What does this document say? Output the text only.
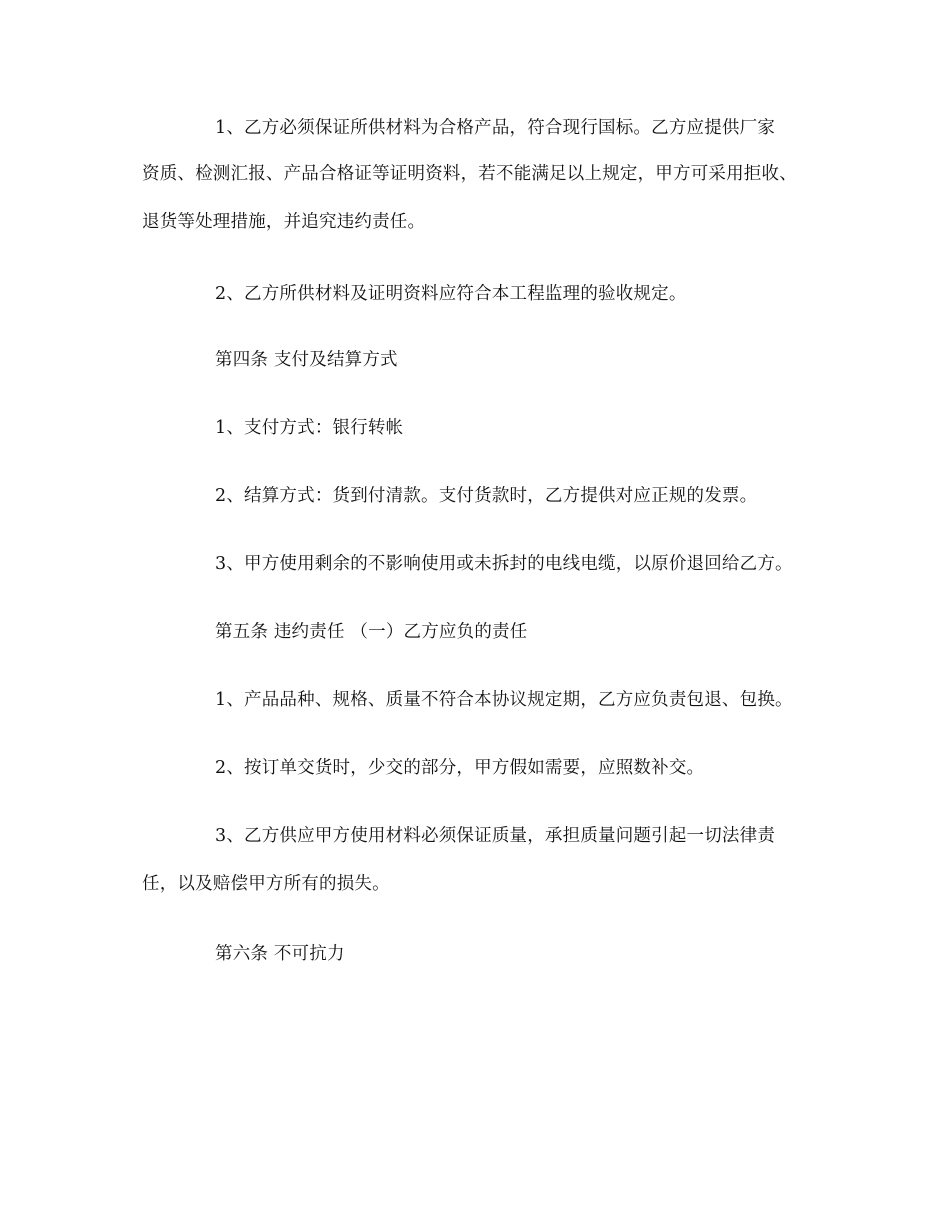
1、乙方必须保证所供材料为合格产品，符合现行国标。乙方应提供厂家
资质、检测汇报、产品合格证等证明资料，若不能满足以上规定，甲方可采用拒收、
退货等处理措施，并追究违约责任。
2、乙方所供材料及证明资料应符合本工程监理的验收规定。
第四条 支付及结算方式
1、支付方式：银行转帐
2、结算方式：货到付清款。支付货款时，乙方提供对应正规的发票。
3、甲方使用剩余的不影响使用或未拆封的电线电缆，以原价退回给乙方。
第五条 违约责任 （一）乙方应负的责任
1、产品品种、规格、质量不符合本协议规定期，乙方应负责包退、包换。
2、按订单交货时，少交的部分，甲方假如需要，应照数补交。
3、乙方供应甲方使用材料必须保证质量，承担质量问题引起一切法律责
任，以及赔偿甲方所有的损失。
第六条 不可抗力
